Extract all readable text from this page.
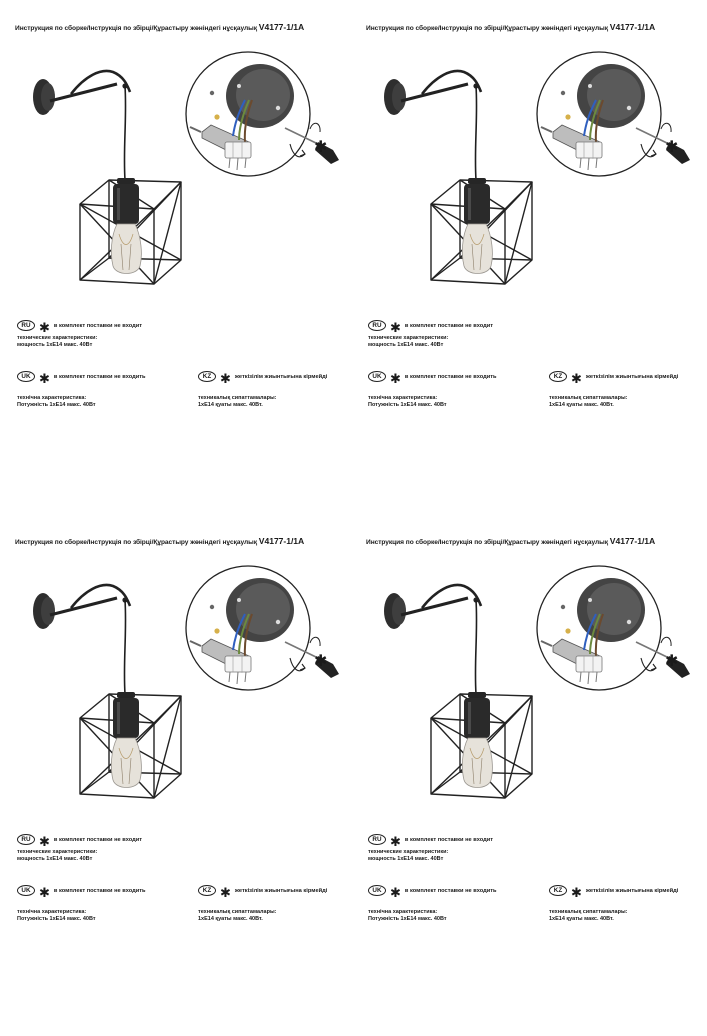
Инструкция по сборке/Інструкція по збірці/Құрастыру жөніндегі нұсқаулық V4177-1/1A
✱
RU ✱ в комплект поставки не входит
технические характеристики:
мощность 1xE14 макс. 40Вт
UK ✱ в комплект поставки не входить
технічна характеристика:
Потужність 1xE14 макс. 40Вт
KZ ✱ жеткізілім жиынтығына кірмейді
техникалық сипаттамалары:
1xE14 қуаты макс. 40Вт.
Инструкция по сборке/Інструкція по збірці/Құрастыру жөніндегі нұсқаулық V4177-1/1A
✱
RU ✱ в комплект поставки не входит
технические характеристики:
мощность 1xE14 макс. 40Вт
UK ✱ в комплект поставки не входить
технічна характеристика:
Потужність 1xE14 макс. 40Вт
KZ ✱ жеткізілім жиынтығына кірмейді
техникалық сипаттамалары:
1xE14 қуаты макс. 40Вт.
Инструкция по сборке/Інструкція по збірці/Құрастыру жөніндегі нұсқаулық V4177-1/1A
✱
RU ✱ в комплект поставки не входит
технические характеристики:
мощность 1xE14 макс. 40Вт
UK ✱ в комплект поставки не входить
технічна характеристика:
Потужність 1xE14 макс. 40Вт
KZ ✱ жеткізілім жиынтығына кірмейді
техникалық сипаттамалары:
1xE14 қуаты макс. 40Вт.
Инструкция по сборке/Інструкція по збірці/Құрастыру жөніндегі нұсқаулық V4177-1/1A
✱
RU ✱ в комплект поставки не входит
технические характеристики:
мощность 1xE14 макс. 40Вт
UK ✱ в комплект поставки не входить
технічна характеристика:
Потужність 1xE14 макс. 40Вт
KZ ✱ жеткізілім жиынтығына кірмейді
техникалық сипаттамалары:
1xE14 қуаты макс. 40Вт.
